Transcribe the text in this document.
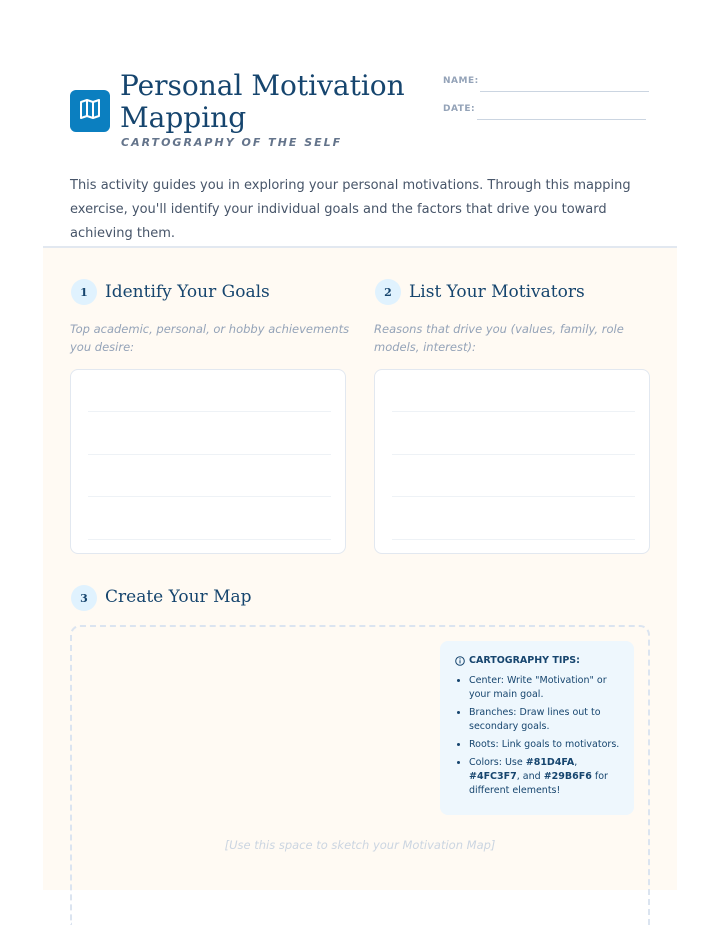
Personal Motivation Mapping
CARTOGRAPHY OF THE SELF
NAME:
DATE:

This activity guides you in exploring your personal motivations. Through this mapping exercise, you'll identify your individual goals and the factors that drive you toward achieving them.

1	Identify Your Goals

Top academic, personal, or hobby achievements you desire:

2	List Your Motivators

Reasons that drive you (values, family, role models, interest):

3	Create Your Map
CARTOGRAPHY TIPS:
• Center: Write "Motivation" or your main goal.
• Branches: Draw lines out to secondary goals.
• Roots: Link goals to motivators.
• Colors: Use #81D4FA, #4FC3F7, and #29B6F6 for different elements!
[Use this space to sketch your Motivation Map]
